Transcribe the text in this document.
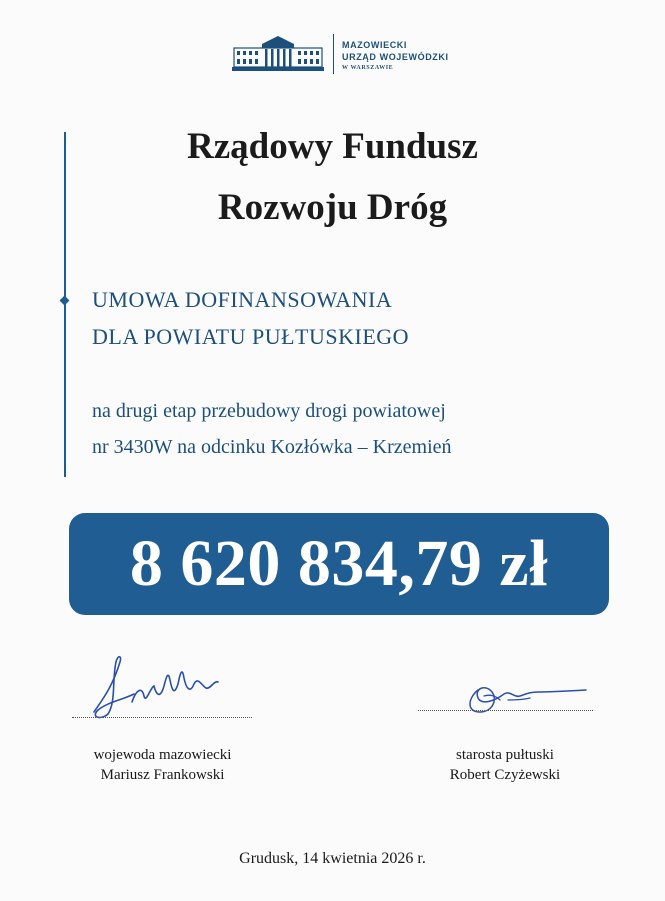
MAZOWIECKI
URZĄD WOJEWÓDZKI
W WARSZAWIE
Rządowy Fundusz
Rozwoju Dróg
UMOWA DOFINANSOWANIA
DLA POWIATU PUŁTUSKIEGO
na drugi etap przebudowy drogi powiatowej
nr 3430W na odcinku Kozłówka – Krzemień
8 620 834,79 zł
wojewoda mazowiecki
Mariusz Frankowski
starosta pułtuski
Robert Czyżewski
Grudusk, 14 kwietnia 2026 r.
